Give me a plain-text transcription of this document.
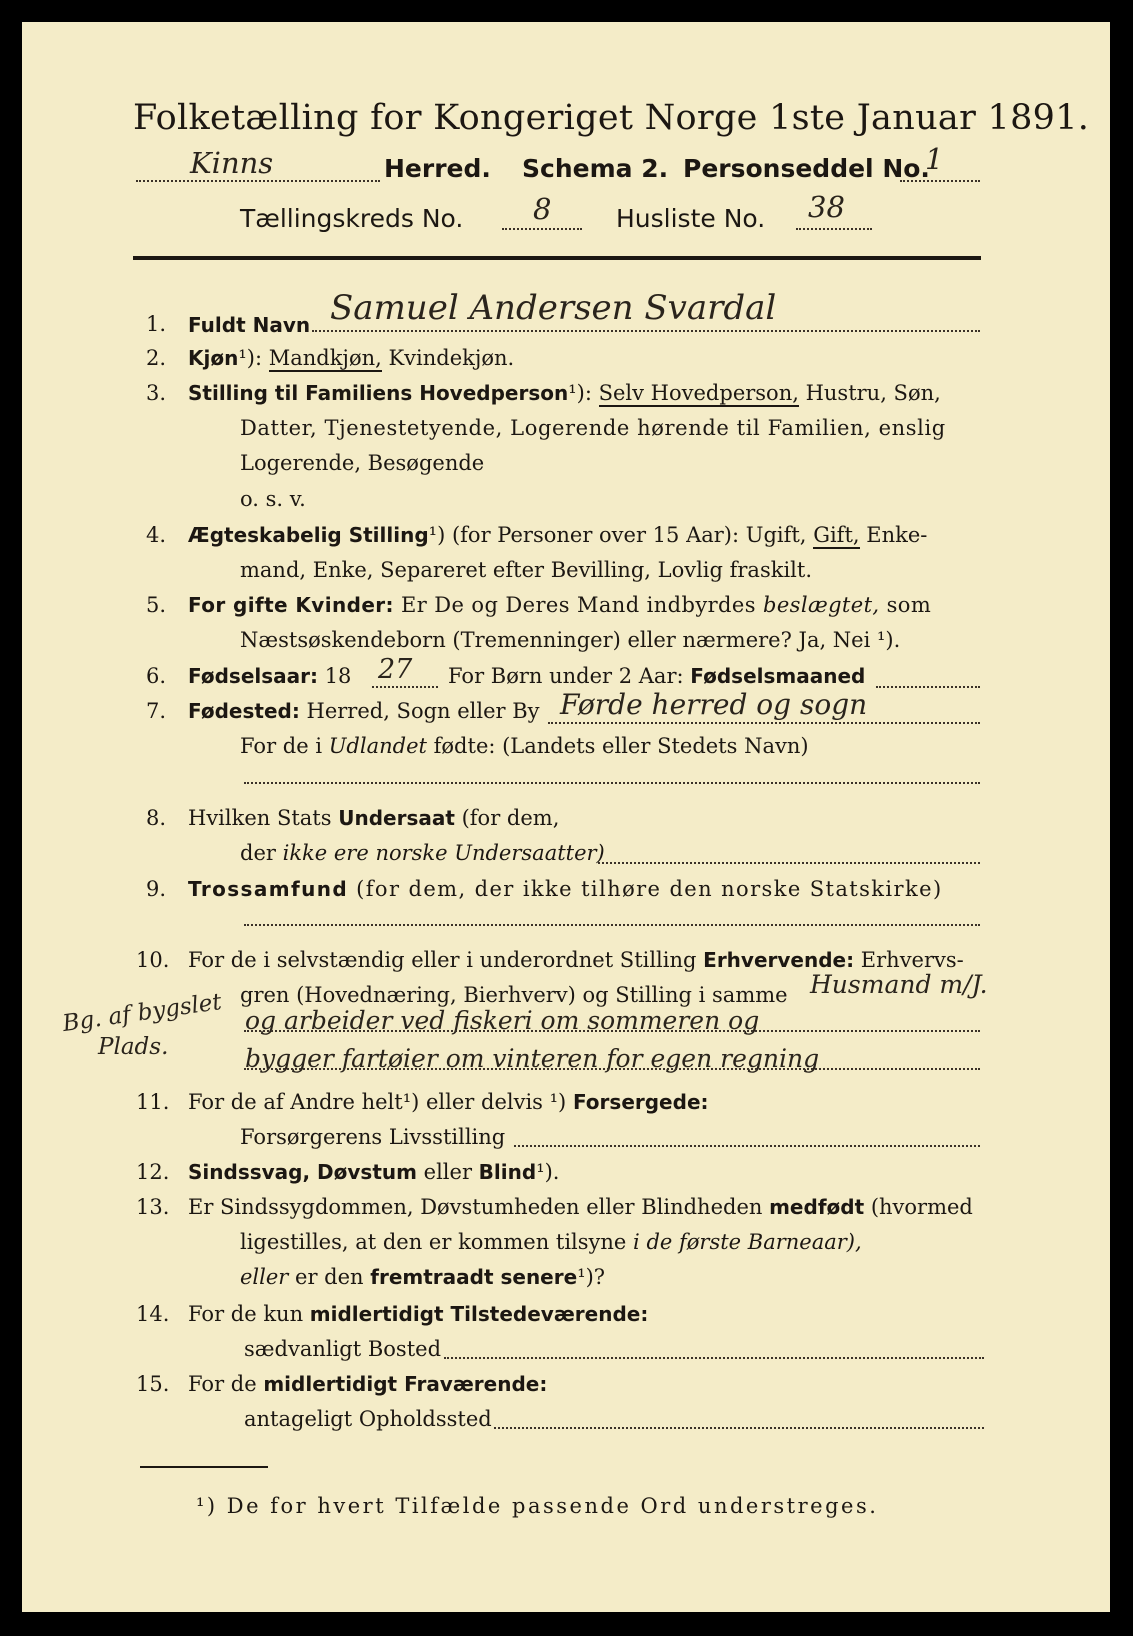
Folketælling for Kongeriget Norge 1ste Januar 1891.
Kinns	Herred. Schema 2. Personseddel No.
1
Tællingskreds No. 8	Husliste No. 38
1. Fuldt Navn Samuel Andersen Svardal
2. Kjøn¹): Mandkjøn, Kvindekjøn.
3. Stilling til Familiens Hovedperson¹): Selv Hovedperson, Hustru, Søn,
Datter, Tjenestetyende, Logerende hørende til Familien, enslig
Logerende, Besøgende
o. s. v.
4. Ægteskabelig Stilling¹) (for Personer over 15 Aar): Ugift, Gift, Enke-
mand, Enke, Separeret efter Bevilling, Lovlig fraskilt.
5. For gifte Kvinder: Er De og Deres Mand indbyrdes beslægtet, som
Næstsøskendeborn (Tremenninger) eller nærmere? Ja, Nei ¹).
6. Fødselsaar: 18 27 For Børn under 2 Aar: Fødselsmaaned
7. Fødested: Herred, Sogn eller By Førde herred og sogn
For de i Udlandet fødte: (Landets eller Stedets Navn)
8. Hvilken Stats Undersaat (for dem,
der ikke ere norske Undersaatter)
9. Trossamfund (for dem, der ikke tilhøre den norske Statskirke)
10. For de i selvstændig eller i underordnet Stilling Erhvervende: Erhvervs-
gren (Hovednæring, Bierhverv) og Stilling i samme Husmand m/J.
og arbeider ved fiskeri om sommeren og
bygger fartøier om vinteren for egen regning
Bg. af bygslet
Plads.
11. For de af Andre helt¹) eller delvis ¹) Forsergede:
Forsørgerens Livsstilling
12. Sindssvag, Døvstum eller Blind¹).
13. Er Sindssygdommen, Døvstumheden eller Blindheden medfødt (hvormed
ligestilles, at den er kommen tilsyne i de første Barneaar),
eller er den fremtraadt senere¹)?
14. For de kun midlertidigt Tilstedeværende:
sædvanligt Bosted
15. For de midlertidigt Fraværende:
antageligt Opholdssted
¹) De for hvert Tilfælde passende Ord understreges.
